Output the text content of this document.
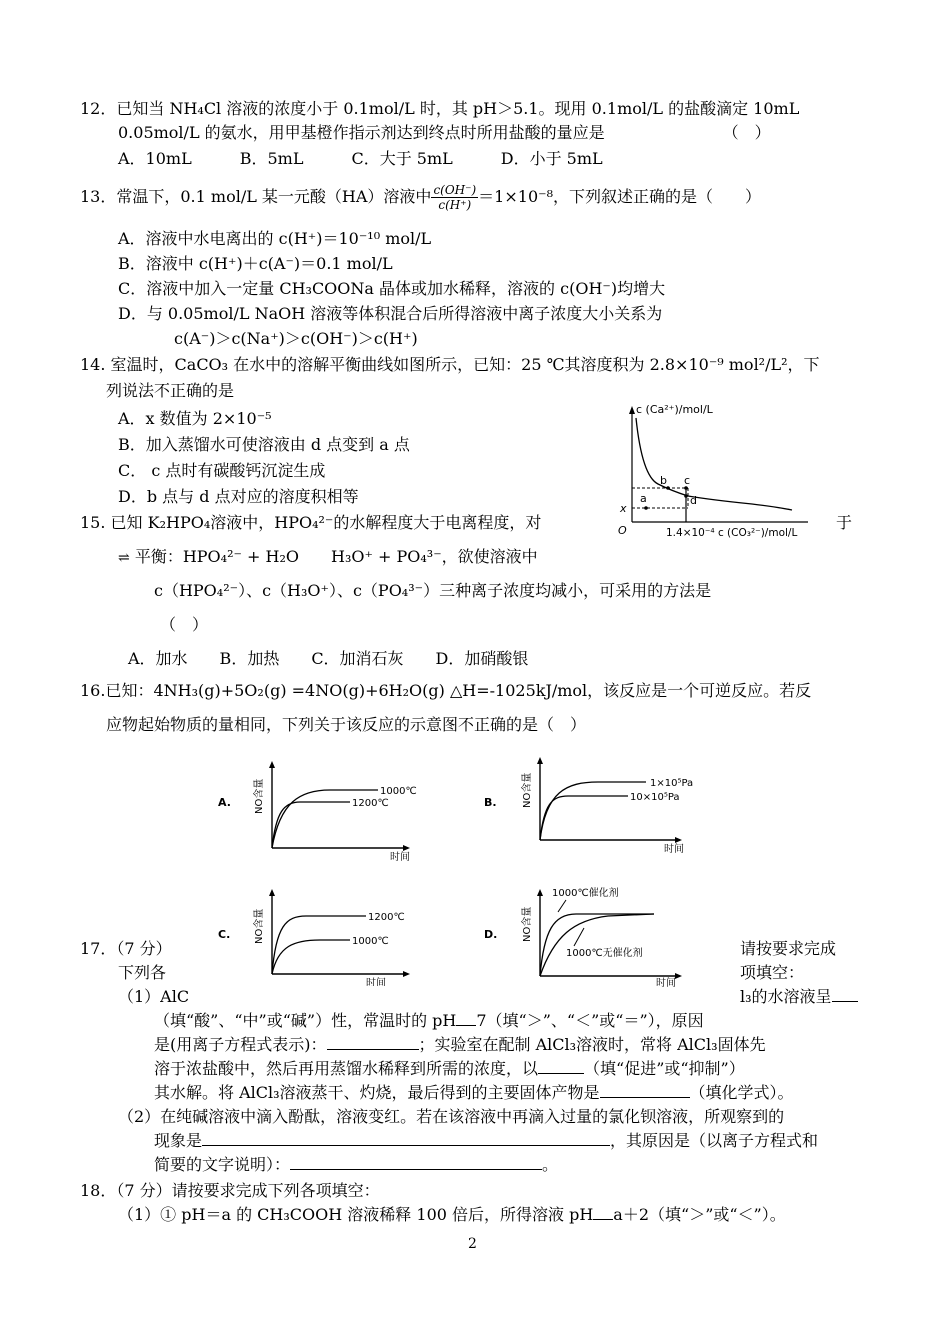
12．已知当 NH₄Cl 溶液的浓度小于 0.1mol/L 时，其 pH＞5.1。现用 0.1mol/L 的盐酸滴定 10mL
0.05mol/L 的氨水，用甲基橙作指示剂达到终点时所用盐酸的量应是	（　）
A．10mL　　　B．5mL　　　C．大于 5mL　　　D．小于 5mL
13．常温下，0.1 mol/L 某一元酸（HA）溶液中 $\frac{c(OH^-)}{c(H^+)} =1\times 10^{-8}$，下列叙述正确的是（　　）
A．溶液中水电离出的 c(H⁺)＝10⁻¹⁰ mol/L
B．溶液中 c(H⁺)＋c(A⁻)＝0.1 mol/L
C．溶液中加入一定量 CH₃COONa 晶体或加水稀释，溶液的 c(OH⁻)均增大
D．与 0.05mol/L NaOH 溶液等体积混合后所得溶液中离子浓度大小关系为
c(A⁻)＞c(Na⁺)＞c(OH⁻)＞c(H⁺)
14. 室温时，CaCO₃ 在水中的溶解平衡曲线如图所示，已知：25 ℃其溶度积为 2.8×10⁻⁹ mol²/L²，下
列说法不正确的是
A．x 数值为 2×10⁻⁵
B．加入蒸馏水可使溶液由 d 点变到 a 点
C． c 点时有碳酸钙沉淀生成
D．b 点与 d 点对应的溶度积相等
c (Ca²⁺)/mol/L
O	1.4×10⁻⁴ c (CO₃²⁻)/mol/L
a
b c
d
x
15. 已知 K₂HPO₄溶液中，HPO₄²⁻的水解程度大于电离程度，对	于
⇌ 平衡：HPO₄²⁻ + H₂O　　H₃O⁺ + PO₄³⁻，欲使溶液中
c（HPO₄²⁻）、c（H₃O⁺）、c（PO₄³⁻）三种离子浓度均减小，可采用的方法是
（　）
A．加水　　B．加热　　C．加消石灰　　D．加硝酸银
16.已知：4NH₃(g)+5O₂(g) =4NO(g)+6H₂O(g) △H=-1025kJ/mol，该反应是一个可逆反应。若反
应物起始物质的量相同，下列关于该反应的示意图不正确的是（　）
A. NO含量
时间
1000℃
1200℃	B.	NO含量
时间
1×10⁵Pa
10×10⁵Pa
C. NO含量
时间
1200℃
1000℃
D. NO含量
时间
1000℃催化剂
1000℃无催化剂
17．（7 分）	请按要求完成
下列各	项填空：
（1）AlC	l₃的水溶液呈
（填“酸”、“中”或“碱”）性，常温时的 pH 7（填“＞”、“＜”或“＝”），原因
是(用离子方程式表示)：	；实验室在配制 AlCl₃溶液时，常将 AlCl₃固体先
溶于浓盐酸中，然后再用蒸馏水稀释到所需的浓度，以	（填“促进”或“抑制”）
其水解。将 AlCl₃溶液蒸干、灼烧，最后得到的主要固体产物是	（填化学式）。
（2）在纯碱溶液中滴入酚酞，溶液变红。若在该溶液中再滴入过量的氯化钡溶液，所观察到的
现象是	，其原因是（以离子方程式和
简要的文字说明）：	。
18．（7 分）请按要求完成下列各项填空：
（1）① pH＝a 的 CH₃COOH 溶液稀释 100 倍后，所得溶液 pH a＋2（填“＞”或“＜”）。
2
